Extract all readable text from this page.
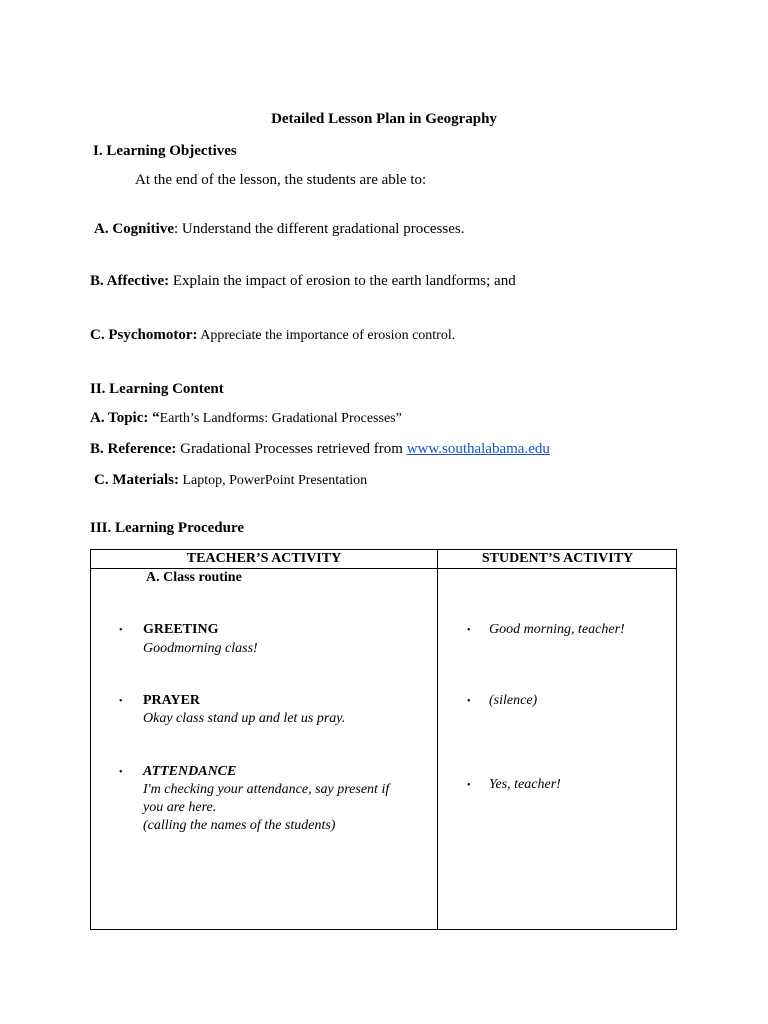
Detailed Lesson Plan in Geography
I. Learning Objectives
At the end of the lesson, the students are able to:
A. Cognitive: Understand the different gradational processes.
B. Affective: Explain the impact of erosion to the earth landforms; and
C. Psychomotor: Appreciate the importance of erosion control.
II. Learning Content
A. Topic: “Earth’s Landforms: Gradational Processes”
B. Reference: Gradational Processes retrieved from www.southalabama.edu
C. Materials: Laptop, PowerPoint Presentation
III. Learning Procedure
TEACHER’S ACTIVITY	STUDENT’S ACTIVITY
A. Class routine
• GREETING
Goodmorning class!
• PRAYER
Okay class stand up and let us pray.
• ATTENDANCE
I'm checking your attendance, say present if
you are here.
(calling the names of the students)
• Good morning, teacher!
• (silence)
• Yes, teacher!
